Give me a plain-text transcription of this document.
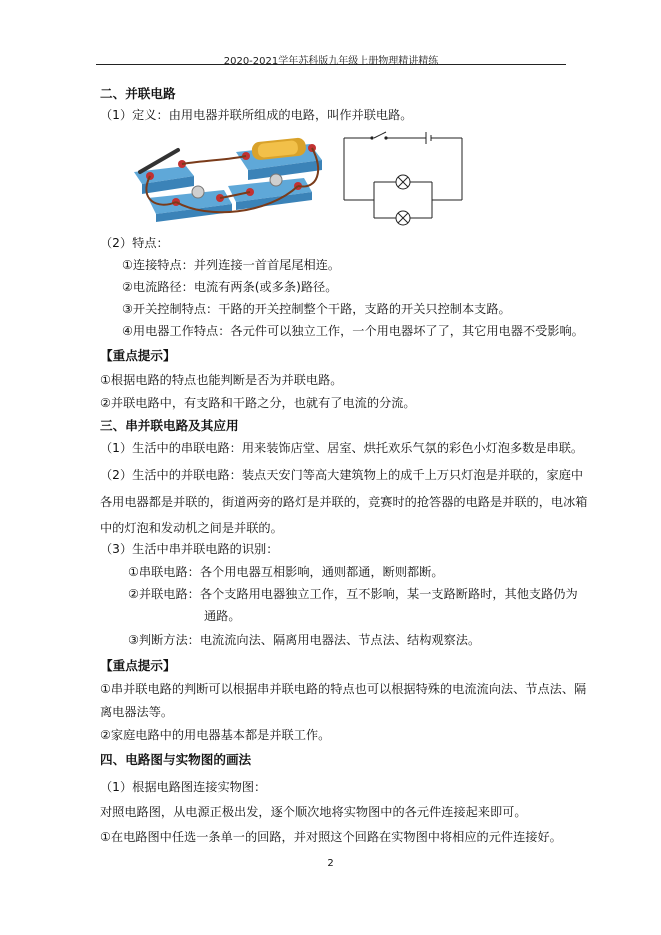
2020-2021学年苏科版九年级上册物理精讲精练
二、并联电路
（1）定义：由用电器并联所组成的电路，叫作并联电路。
（2）特点：
①连接特点：并列连接一首首尾尾相连。
②电流路径：电流有两条(或多条)路径。
③开关控制特点：干路的开关控制整个干路，支路的开关只控制本支路。
④用电器工作特点：各元件可以独立工作，一个用电器坏了了，其它用电器不受影响。
【重点提示】
①根据电路的特点也能判断是否为并联电路。
②并联电路中，有支路和干路之分，也就有了电流的分流。
三、串并联电路及其应用
（1）生活中的串联电路：用来装饰店堂、居室、烘托欢乐气氛的彩色小灯泡多数是串联。
（2）生活中的并联电路：装点天安门等高大建筑物上的成千上万只灯泡是并联的，家庭中
各用电器都是并联的，街道两旁的路灯是并联的，竞赛时的抢答器的电路是并联的，电冰箱
中的灯泡和发动机之间是并联的。
（3）生活中串并联电路的识别：
①串联电路：各个用电器互相影响，通则都通，断则都断。
②并联电路：各个支路用电器独立工作，互不影响，某一支路断路时，其他支路仍为
通路。
③判断方法：电流流向法、隔离用电器法、节点法、结构观察法。
【重点提示】
①串并联电路的判断可以根据串并联电路的特点也可以根据特殊的电流流向法、节点法、隔
离电器法等。
②家庭电路中的用电器基本都是并联工作。
四、电路图与实物图的画法
（1）根据电路图连接实物图：
对照电路图，从电源正极出发，逐个顺次地将实物图中的各元件连接起来即可。
①在电路图中任选一条单一的回路，并对照这个回路在实物图中将相应的元件连接好。
2
